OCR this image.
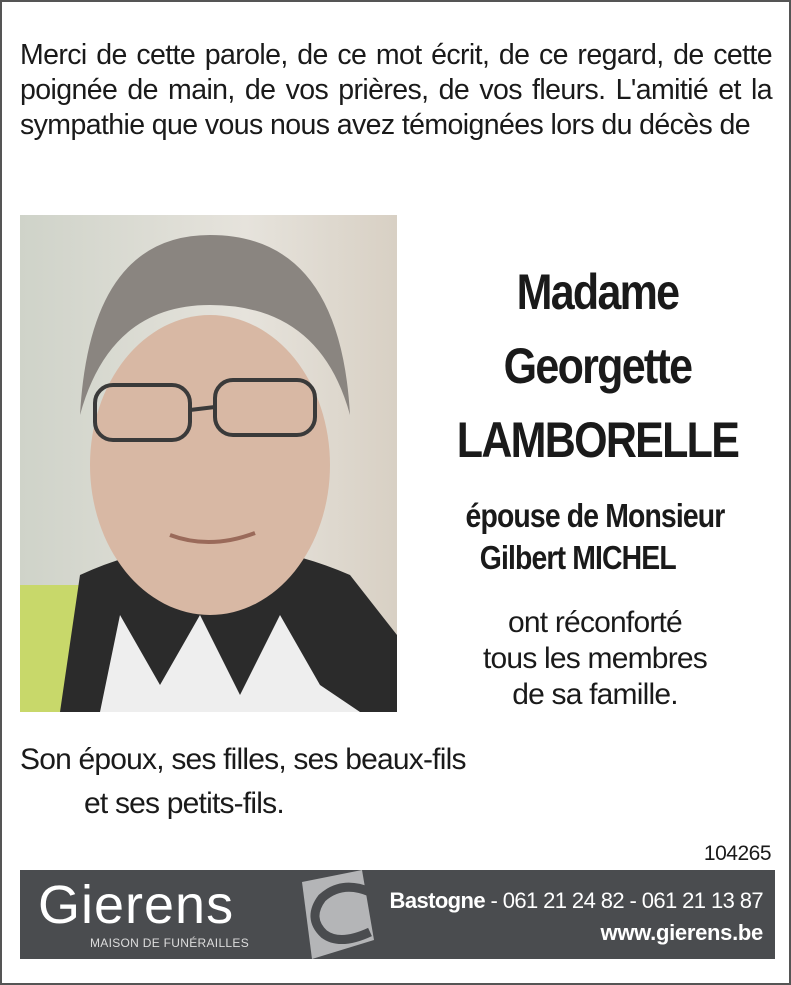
Merci de cette parole, de ce mot écrit, de ce regard, de cette poignée de main, de vos prières, de vos fleurs. L'amitié et la sympathie que vous nous avez témoignées lors du décès de

Madame
Georgette
LAMBORELLE
épouse de Monsieur
Gilbert MICHEL
ont réconforté
tous les membres
de sa famille.
Son époux, ses filles, ses beaux-fils
et ses petits-fils.
104265
Gierens
MAISON DE FUNÉRAILLES
Bastogne - 061 21 24 82 - 061 21 13 87
www.gierens.be
